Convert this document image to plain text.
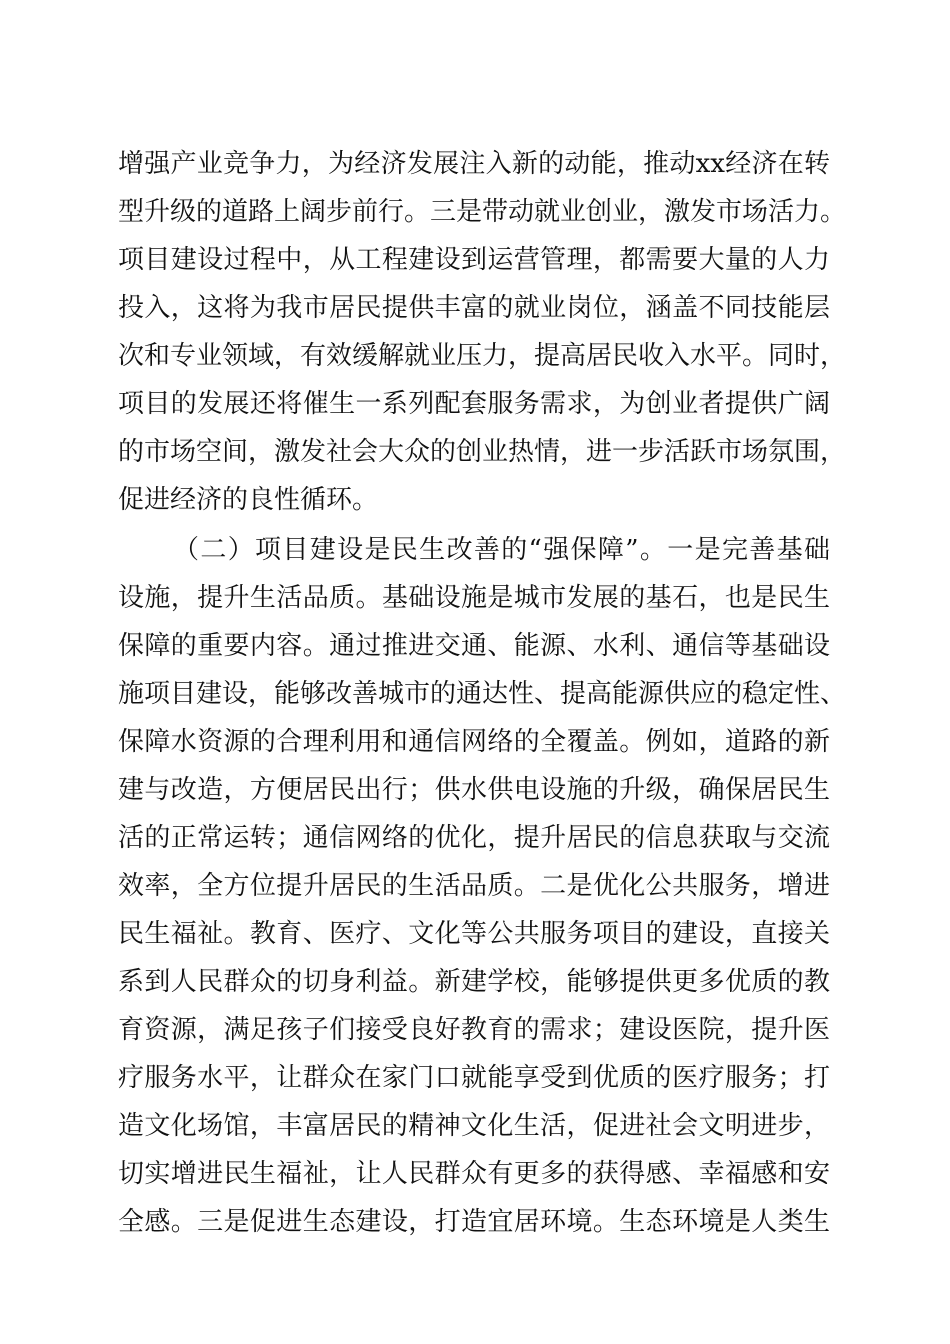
增强产业竞争力，为经济发展注入新的动能，推动xx经济在转
型升级的道路上阔步前行。三是带动就业创业，激发市场活力。
项目建设过程中，从工程建设到运营管理，都需要大量的人力
投入，这将为我市居民提供丰富的就业岗位，涵盖不同技能层
次和专业领域，有效缓解就业压力，提高居民收入水平。同时，
项目的发展还将催生一系列配套服务需求，为创业者提供广阔
的市场空间，激发社会大众的创业热情，进一步活跃市场氛围，
促进经济的良性循环。
（二）项目建设是民生改善的“强保障”。一是完善基础
设施，提升生活品质。基础设施是城市发展的基石，也是民生
保障的重要内容。通过推进交通、能源、水利、通信等基础设
施项目建设，能够改善城市的通达性、提高能源供应的稳定性、
保障水资源的合理利用和通信网络的全覆盖。例如，道路的新
建与改造，方便居民出行；供水供电设施的升级，确保居民生
活的正常运转；通信网络的优化，提升居民的信息获取与交流
效率，全方位提升居民的生活品质。二是优化公共服务，增进
民生福祉。教育、医疗、文化等公共服务项目的建设，直接关
系到人民群众的切身利益。新建学校，能够提供更多优质的教
育资源，满足孩子们接受良好教育的需求；建设医院，提升医
疗服务水平，让群众在家门口就能享受到优质的医疗服务；打
造文化场馆，丰富居民的精神文化生活，促进社会文明进步，
切实增进民生福祉，让人民群众有更多的获得感、幸福感和安
全感。三是促进生态建设，打造宜居环境。生态环境是人类生
